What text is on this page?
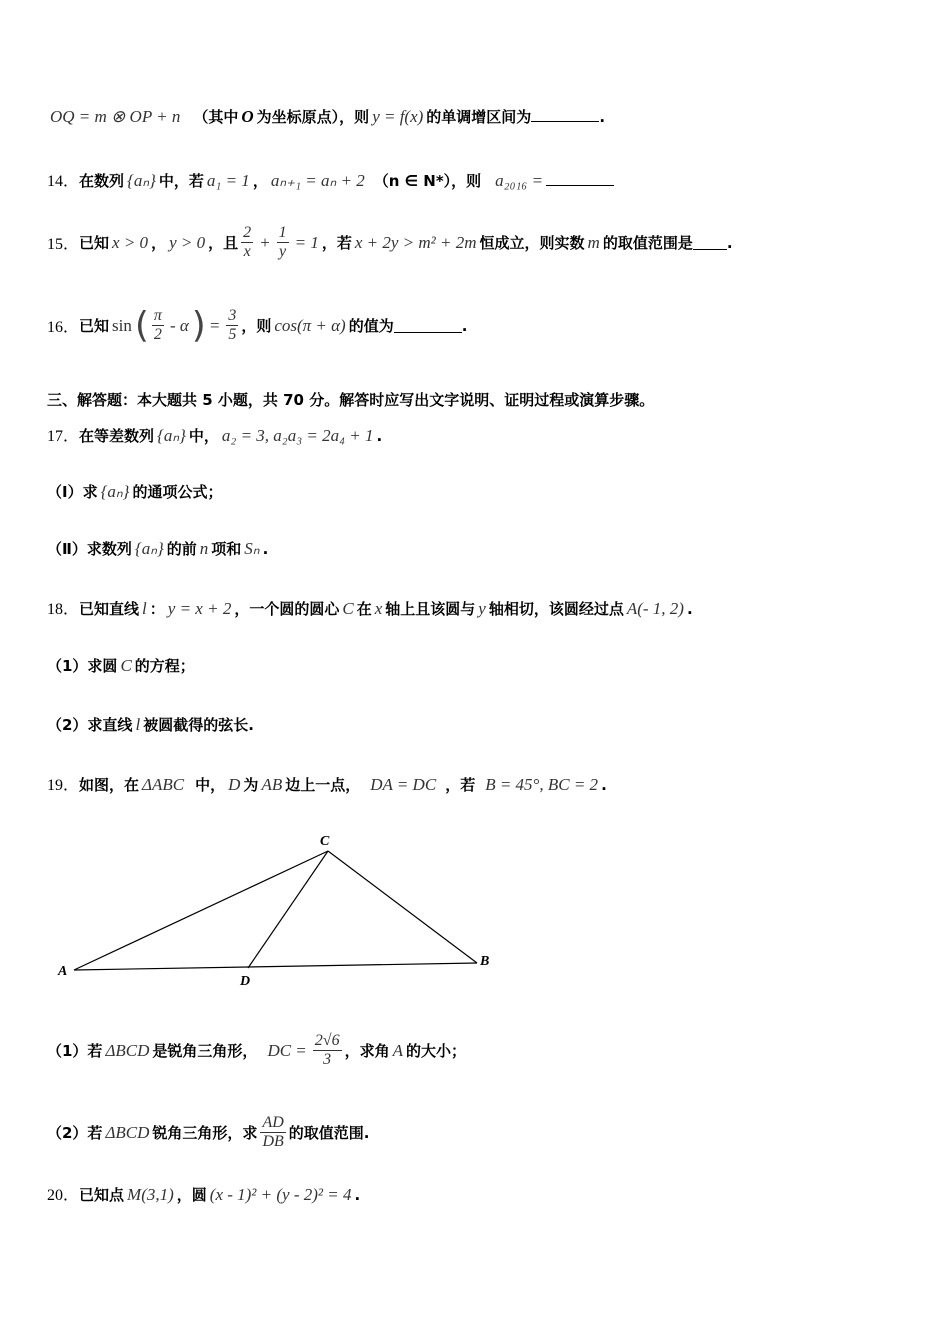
OQ = m ⊗ OP + n （其中 O 为坐标原点），则 y = f(x) 的单调增区间为	.
14． 在数列 {aₙ} 中，若 a₁ = 1 ， aₙ₊₁ = aₙ + 2 （n ∈ N*），则 a₂₀₁₆ =
15． 已知 x > 0 ， y > 0 ，且 $\frac{2}{x} + \frac{1}{y} = 1$ ，若 x + 2y > m² + 2m 恒成立，则实数 m 的取值范围是 .
16． 已知 sin ( $\frac{\pi}{2}$ - α ) = $\frac{3}{5}$ ，则 cos(π + α) 的值为	.
三、解答题：本大题共 5 小题，共 70 分。解答时应写出文字说明、证明过程或演算步骤。
17． 在等差数列 {aₙ} 中， a₂ = 3, a₂a₃ = 2a₄ + 1 .
（Ⅰ）求 {aₙ} 的通项公式；
（Ⅱ）求数列 {aₙ} 的前 n 项和 Sₙ .
18． 已知直线 l ： y = x + 2 ，一个圆的圆心 C 在 x 轴上且该圆与 y 轴相切，该圆经过点 A(- 1, 2) .
（1）求圆 C 的方程；
（2）求直线 l 被圆截得的弦长.
19． 如图，在 ΔABC 中， D 为 AB 边上一点， DA = DC ，若 B = 45°, BC = 2 .
C
A
B
D
（1）若 ΔBCD 是锐角三角形， DC = $\frac{2√6}{3}$ ，求角 A 的大小；
（2）若 ΔBCD 锐角三角形，求 $\frac{AD}{DB}$ 的取值范围.
20． 已知点 M(3,1) ，圆 (x - 1)² + (y - 2)² = 4 .
